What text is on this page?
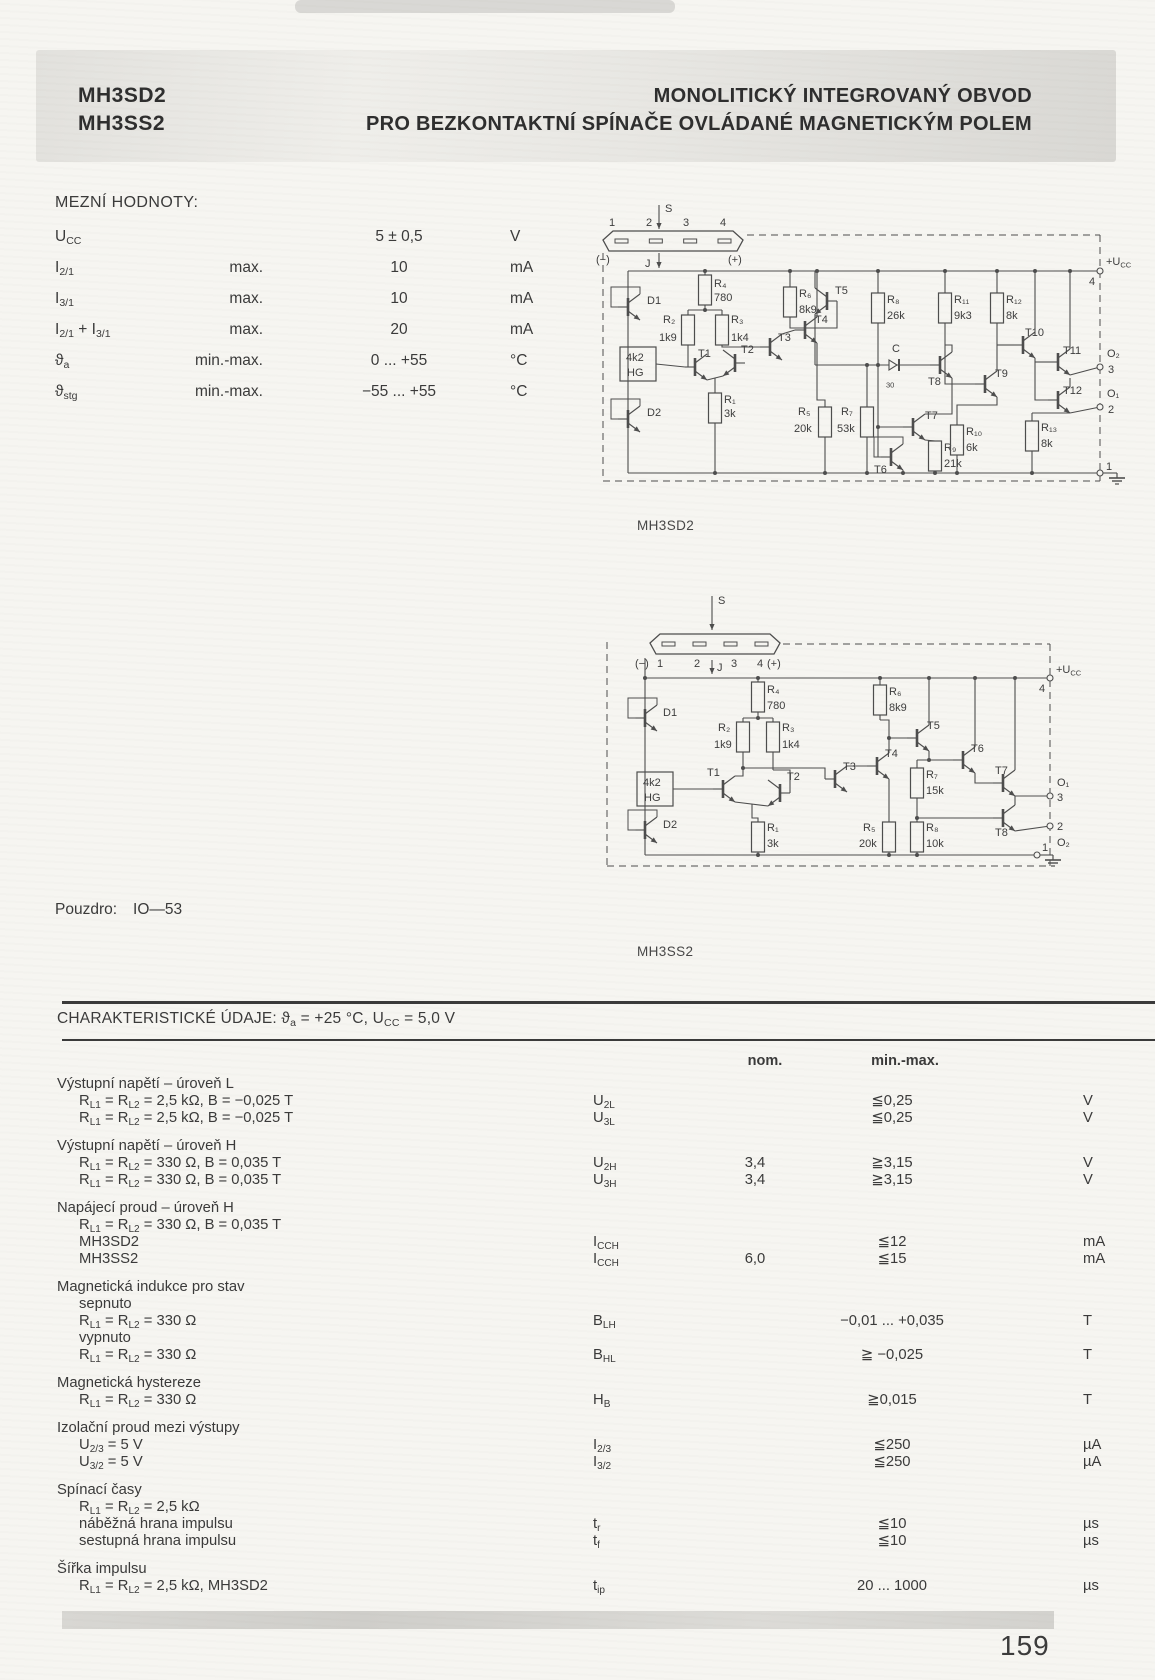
MH3SD2
MH3SS2
MONOLITICKÝ INTEGROVANÝ OBVOD
PRO BEZKONTAKTNÍ SPÍNAČE OVLÁDANÉ MAGNETICKÝM POLEM
MEZNÍ HODNOTY:
$U_{CC}$	5 ± 0,5	V
$I_{2/1}$	max.	10	mA
$I_{3/1}$	max.	10	mA
$I_{2/1} + I_{3/1}$	max.	20	mA
$ϑ_a$	min.-max.	0 ... +55	°C
$ϑ_{stg}$	min.-max.	−55 ... +55	°C
S
1	2	3	4
(−)	(+)
J
4
$+U_{CC}$
D1
D2
4k2
HG
R₄
780
R₂
1k9
R₃
1k4
T1	T2
R₁
3k
T3
T4
R₅
20k
R₆
8k9
T5
C
$_{30}$
R₈
26k
T7
T6
R₉
21k
R₇
53k
T8
R₁₁
9k3
T9
R₁₀
6k
R₁₂
8k
T10
T11
T12
R₁₃
8k
O₂
3
O₁
2
1
MH3SD2
S
(−) 1	2	3 4 (+)
J
4
$+U_{CC}$
1
D1
4k2
HG
D2
R₄
780
R₂
1k9
R₃
1k4
T1	T2
R₁
3k
T3
T4
R₆
8k9
R₅
20k
T5
R₇
15k
T6
T7
O₁
3
T8	2
O₂
R₈
10k
MH3SS2
Pouzdro: IO—53
CHARAKTERISTICKÉ ÚDAJE: $ϑ_a = +25$ °C, $U_{CC} = 5,0$ V
nom.	min.-max.
Výstupní napětí – úroveň L
$R_{L1} = R_{L2} = 2,5$ kΩ, B = −0,025 T	$U_{2L}$	≦0,25	V
$R_{L1} = R_{L2} = 2,5$ kΩ, B = −0,025 T	$U_{3L}$	≦0,25	V
Výstupní napětí – úroveň H
$R_{L1} = R_{L2} = 330$ Ω, B = 0,035 T	$U_{2H}$	3,4	≧3,15	V
$R_{L1} = R_{L2} = 330$ Ω, B = 0,035 T	$U_{3H}$	3,4	≧3,15	V
Napájecí proud – úroveň H
$R_{L1} = R_{L2} = 330$ Ω, B = 0,035 T
MH3SD2	$I_{CCH}$	≦12	mA
MH3SS2	$I_{CCH}$	6,0	≦15	mA
Magnetická indukce pro stav
sepnuto
$R_{L1} = R_{L2} = 330$ Ω	$B_{LH}$	−0,01 ... +0,035	T
vypnuto
$R_{L1} = R_{L2} = 330$ Ω	$B_{HL}$	≧ −0,025	T
Magnetická hystereze
$R_{L1} = R_{L2} = 330$ Ω	$H_B$	≧0,015	T
Izolační proud mezi výstupy
$U_{2/3} = 5$ V	$I_{2/3}$	≦250	µA
$U_{3/2} = 5$ V	$I_{3/2}$	≦250	µA
Spínací časy
$R_{L1} = R_{L2} = 2,5$ kΩ
náběžná hrana impulsu	$t_r$	≦10	µs
sestupná hrana impulsu	$t_f$	≦10	µs
Šířka impulsu
$R_{L1} = R_{L2} = 2,5$ kΩ, MH3SD2	$t_{ip}$	20 ... 1000	µs
159
